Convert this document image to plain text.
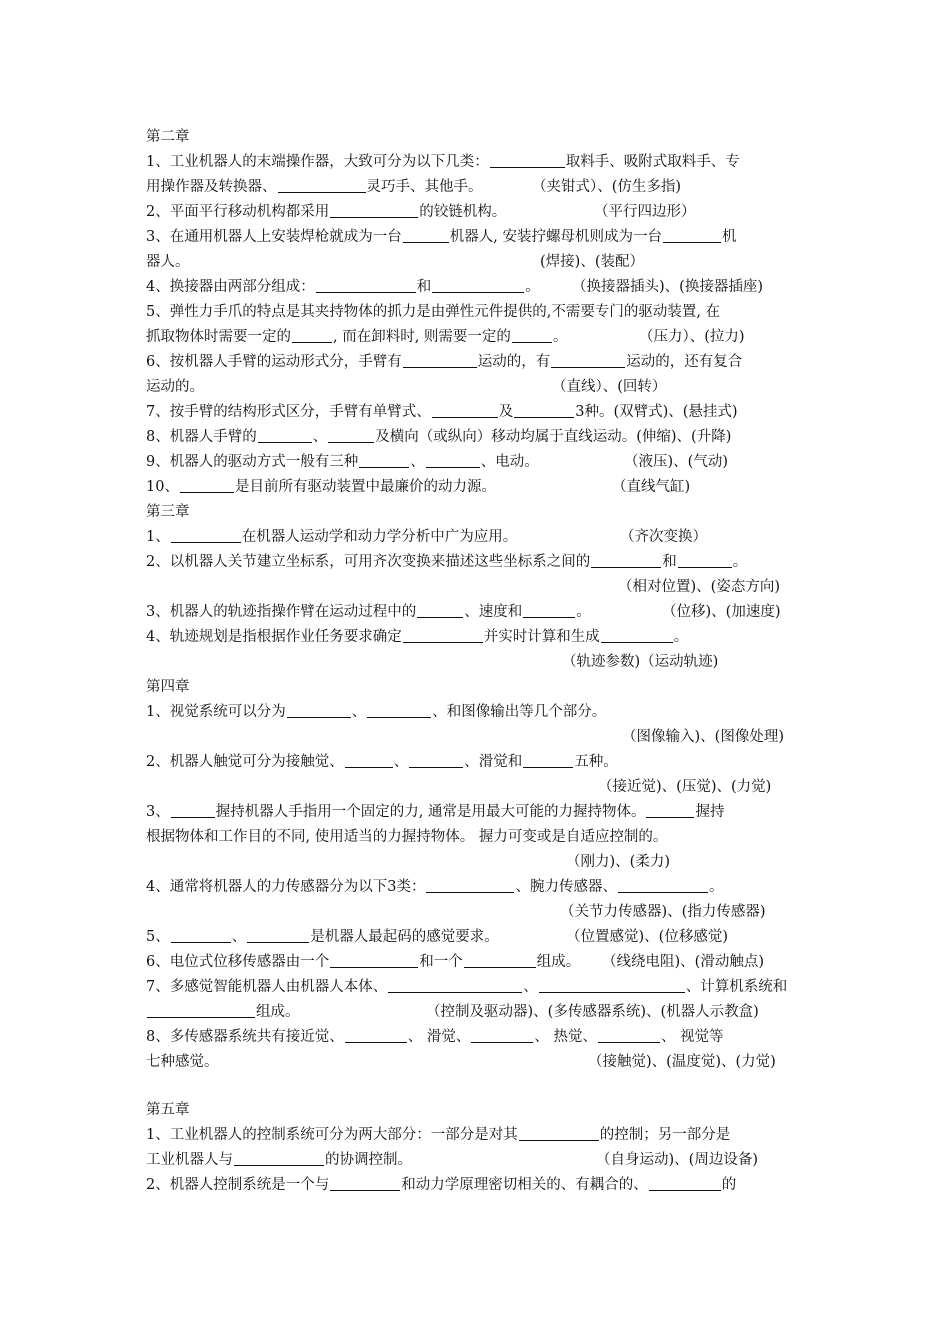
第二章
1、工业机器人的末端操作器，大致可分为以下几类：	取料手、吸附式取料手、专
用操作器及转换器、	灵巧手、其他手。	（夹钳式）、(仿生多指)
2、平面平行移动机构都采用	的铰链机构。	（平行四边形）
3、在通用机器人上安装焊枪就成为一台	机器人, 安装拧螺母机则成为一台	机
器人。	(焊接)、(装配）
4、换接器由两部分组成：	和	。 （换接器插头)、(换接器插座)
5、弹性力手爪的特点是其夹持物体的抓力是由弹性元件提供的,不需要专门的驱动装置, 在
抓取物体时需要一定的	, 而在卸料时, 则需要一定的	。	（压力）、(拉力)
6、按机器人手臂的运动形式分，手臂有	运动的，有	运动的，还有复合
运动的。	（直线）、(回转）
7、按手臂的结构形式区分，手臂有单臂式、	及	3种。(双臂式)、(悬挂式)
8、机器人手臂的	、	及横向（或纵向）移动均属于直线运动。(伸缩)、(升降)
9、机器人的驱动方式一般有三种	、	、电动。	（液压)、(气动)
10、	是目前所有驱动装置中最廉价的动力源。	（直线气缸)
第三章
1、	在机器人运动学和动力学分析中广为应用。	（齐次变换）
2、以机器人关节建立坐标系，可用齐次变换来描述这些坐标系之间的	和	。
（相对位置)、(姿态方向)
3、机器人的轨迹指操作臂在运动过程中的	、速度和	。	（位移)、(加速度)
4、轨迹规划是指根据作业任务要求确定	并实时计算和生成	。
（轨迹参数)（运动轨迹)
第四章
1、视觉系统可以分为	、	、和图像输出等几个部分。
（图像输入)、(图像处理)
2、机器人触觉可分为接触觉、	、	、滑觉和	五种。
（接近觉)、(压觉)、(力觉)
3、	握持机器人手指用一个固定的力, 通常是用最大可能的力握持物体。	握持
根据物体和工作目的不同, 使用适当的力握持物体。 握力可变或是自适应控制的。
（刚力)、(柔力)
4、通常将机器人的力传感器分为以下3类：	、腕力传感器、	。
（关节力传感器)、(指力传感器)
5、	、	是机器人最起码的感觉要求。	（位置感觉)、(位移感觉)
6、电位式位移传感器由一个	和一个	组成。 （线绕电阻)、(滑动触点)
7、多感觉智能机器人由机器人本体、	、	、计算机系统和
组成。	（控制及驱动器)、(多传感器系统)、(机器人示教盒)
8、多传感器系统共有接近觉、	、 滑觉、	、 热觉、	、 视觉等
七种感觉。	（接触觉)、(温度觉)、(力觉)
第五章
1、工业机器人的控制系统可分为两大部分：一部分是对其	的控制；另一部分是
工业机器人与	的协调控制。	（自身运动)、(周边设备)
2、机器人控制系统是一个与	和动力学原理密切相关的、有耦合的、	的
